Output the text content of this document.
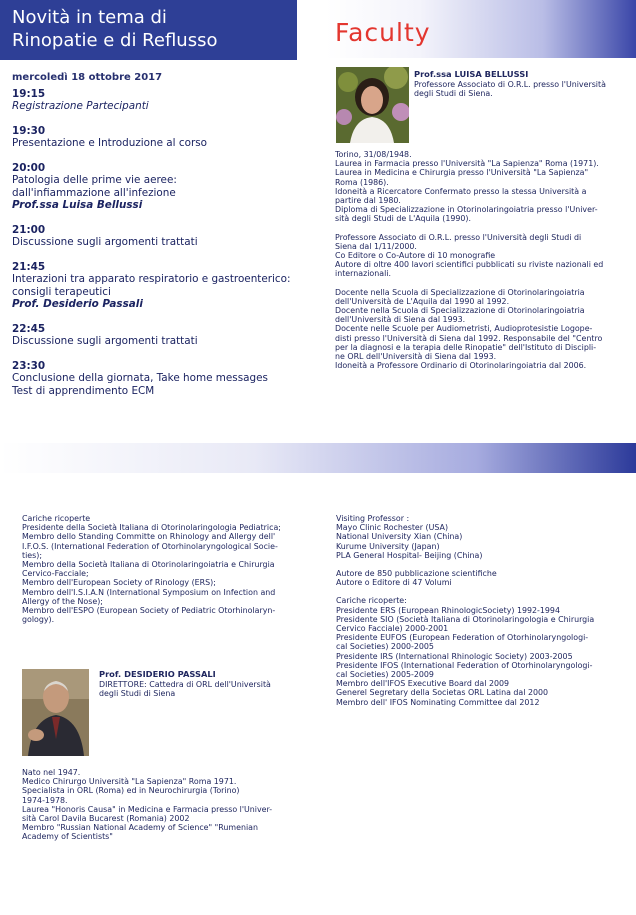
Novità in tema di
Rinopatie e di Reflusso	Faculty
mercoledì 18 ottobre 2017
19:15
Registrazione Partecipanti
19:30
Presentazione e Introduzione al corso
20:00
Patologia delle prime vie aeree:
dall'infiammazione all'infezione
Prof.ssa Luisa Bellussi
21:00
Discussione sugli argomenti trattati
21:45
Interazioni tra apparato respiratorio e gastroenterico:
consigli terapeutici
Prof. Desiderio Passali
22:45
Discussione sugli argomenti trattati
23:30
Conclusione della giornata, Take home messages
Test di apprendimento ECM
Prof.ssa LUISA BELLUSSI
Professore Associato di O.R.L. presso l'Università
degli Studi di Siena.
Torino, 31/08/1948.
Laurea in Farmacia presso l'Università "La Sapienza" Roma (1971).
Laurea in Medicina e Chirurgia presso l'Università "La Sapienza"
Roma (1986).
Idoneità a Ricercatore Confermato presso la stessa Università a
partire dal 1980.
Diploma di Specializzazione in Otorinolaringoiatria presso l'Univer-
sità degli Studi de L'Aquila (1990).
Professore Associato di O.R.L. presso l'Università degli Studi di
Siena dal 1/11/2000.
Co Editore o Co-Autore di 10 monografie
Autore di oltre 400 lavori scientifici pubblicati su riviste nazionali ed
internazionali.
Docente nella Scuola di Specializzazione di Otorinolaringoiatria
dell'Università de L'Aquila dal 1990 al 1992.
Docente nella Scuola di Specializzazione di Otorinolaringoiatria
dell'Università di Siena dal 1993.
Docente nelle Scuole per Audiometristi, Audioprotesistie Logope-
disti presso l'Università di Siena dal 1992. Responsabile del "Centro
per la diagnosi e la terapia delle Rinopatie" dell'Istituto di Discipli-
ne ORL dell'Università di Siena dal 1993.
Idoneità a Professore Ordinario di Otorinolaringoiatria dal 2006.
Cariche ricoperte
Presidente della Società Italiana di Otorinolaringologia Pediatrica;
Membro dello Standing Committe on Rhinology and Allergy dell'
I.F.O.S. (International Federation of Otorhinolaryngological Socie-
ties);
Membro della Società Italiana di Otorinolaringoiatria e Chirurgia
Cervico-Facciale;
Membro dell'European Society of Rinology (ERS);
Membro dell'I.S.I.A.N (International Symposium on Infection and
Allergy of the Nose);
Membro dell'ESPO (European Society of Pediatric Otorhinolaryn-
gology).
Prof. DESIDERIO PASSALI
DIRETTORE: Cattedra di ORL dell'Università
degli Studi di Siena
Nato nel 1947.
Medico Chirurgo Università "La Sapienza" Roma 1971.
Specialista in ORL (Roma) ed in Neurochirurgia (Torino)
1974-1978.
Laurea "Honoris Causa" in Medicina e Farmacia presso l'Univer-
sità Carol Davila Bucarest (Romania) 2002
Membro "Russian National Academy of Science" "Rumenian
Academy of Scientists"
Visiting Professor :
Mayo Clinic Rochester (USA)
National University Xian (China)
Kurume University (Japan)
PLA General Hospital- Beijing (China)
Autore de 850 pubblicazione scientifiche
Autore o Editore di 47 Volumi
Cariche ricoperte:
Presidente ERS (European RhinologicSociety) 1992-1994
Presidente SIO (Società Italiana di Otorinolaringologia e Chirurgia
Cervico Facciale) 2000-2001
Presidente EUFOS (European Federation of Otorhinolaryngologi-
cal Societies) 2000-2005
Presidente IRS (International Rhinologic Society) 2003-2005
Presidente IFOS (International Federation of Otorhinolaryngologi-
cal Societies) 2005-2009
Membro dell'IFOS Executive Board dal 2009
Generel Segretary della Societas ORL Latina dal 2000
Membro dell' IFOS Nominating Committee dal 2012
